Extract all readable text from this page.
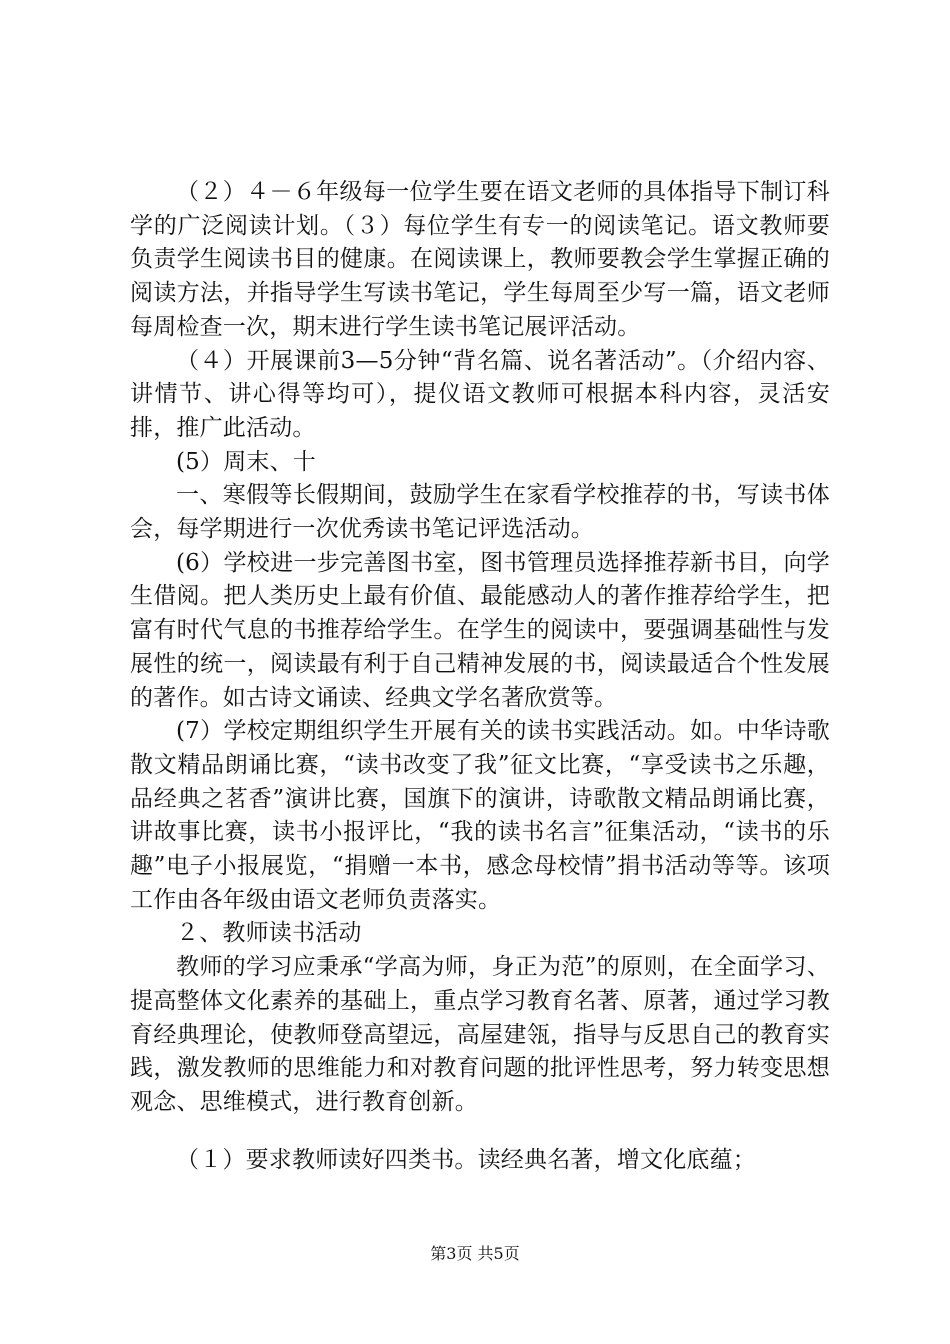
（２）４－６年级每一位学生要在语文老师的具体指导下制订科学的广泛阅读计划。（３）每位学生有专一的阅读笔记。语文教师要负责学生阅读书目的健康。在阅读课上，教师要教会学生掌握正确的阅读方法，并指导学生写读书笔记，学生每周至少写一篇，语文老师每周检查一次，期末进行学生读书笔记展评活动。

（４）开展课前3—5分钟“背名篇、说名著活动”。（介绍内容、讲情节、讲心得等均可），提仪语文教师可根据本科内容，灵活安排，推广此活动。

(5）周末、十

一、寒假等长假期间，鼓励学生在家看学校推荐的书，写读书体会，每学期进行一次优秀读书笔记评选活动。

(6）学校进一步完善图书室，图书管理员选择推荐新书目，向学生借阅。把人类历史上最有价值、最能感动人的著作推荐给学生，把富有时代气息的书推荐给学生。在学生的阅读中，要强调基础性与发展性的统一，阅读最有利于自己精神发展的书，阅读最适合个性发展的著作。如古诗文诵读、经典文学名著欣赏等。

(7）学校定期组织学生开展有关的读书实践活动。如。中华诗歌散文精品朗诵比赛，“读书改变了我”征文比赛，“享受读书之乐趣，品经典之茗香”演讲比赛，国旗下的演讲，诗歌散文精品朗诵比赛，讲故事比赛，读书小报评比，“我的读书名言”征集活动，“读书的乐趣”电子小报展览，“捐赠一本书，感念母校情”捐书活动等等。该项工作由各年级由语文老师负责落实。

２、教师读书活动

教师的学习应秉承“学高为师，身正为范”的原则，在全面学习、提高整体文化素养的基础上，重点学习教育名著、原著，通过学习教育经典理论，使教师登高望远，高屋建瓴，指导与反思自己的教育实践，激发教师的思维能力和对教育问题的批评性思考，努力转变思想观念、思维模式，进行教育创新。

（１）要求教师读好四类书。读经典名著，增文化底蕴；

第3页 共5页
